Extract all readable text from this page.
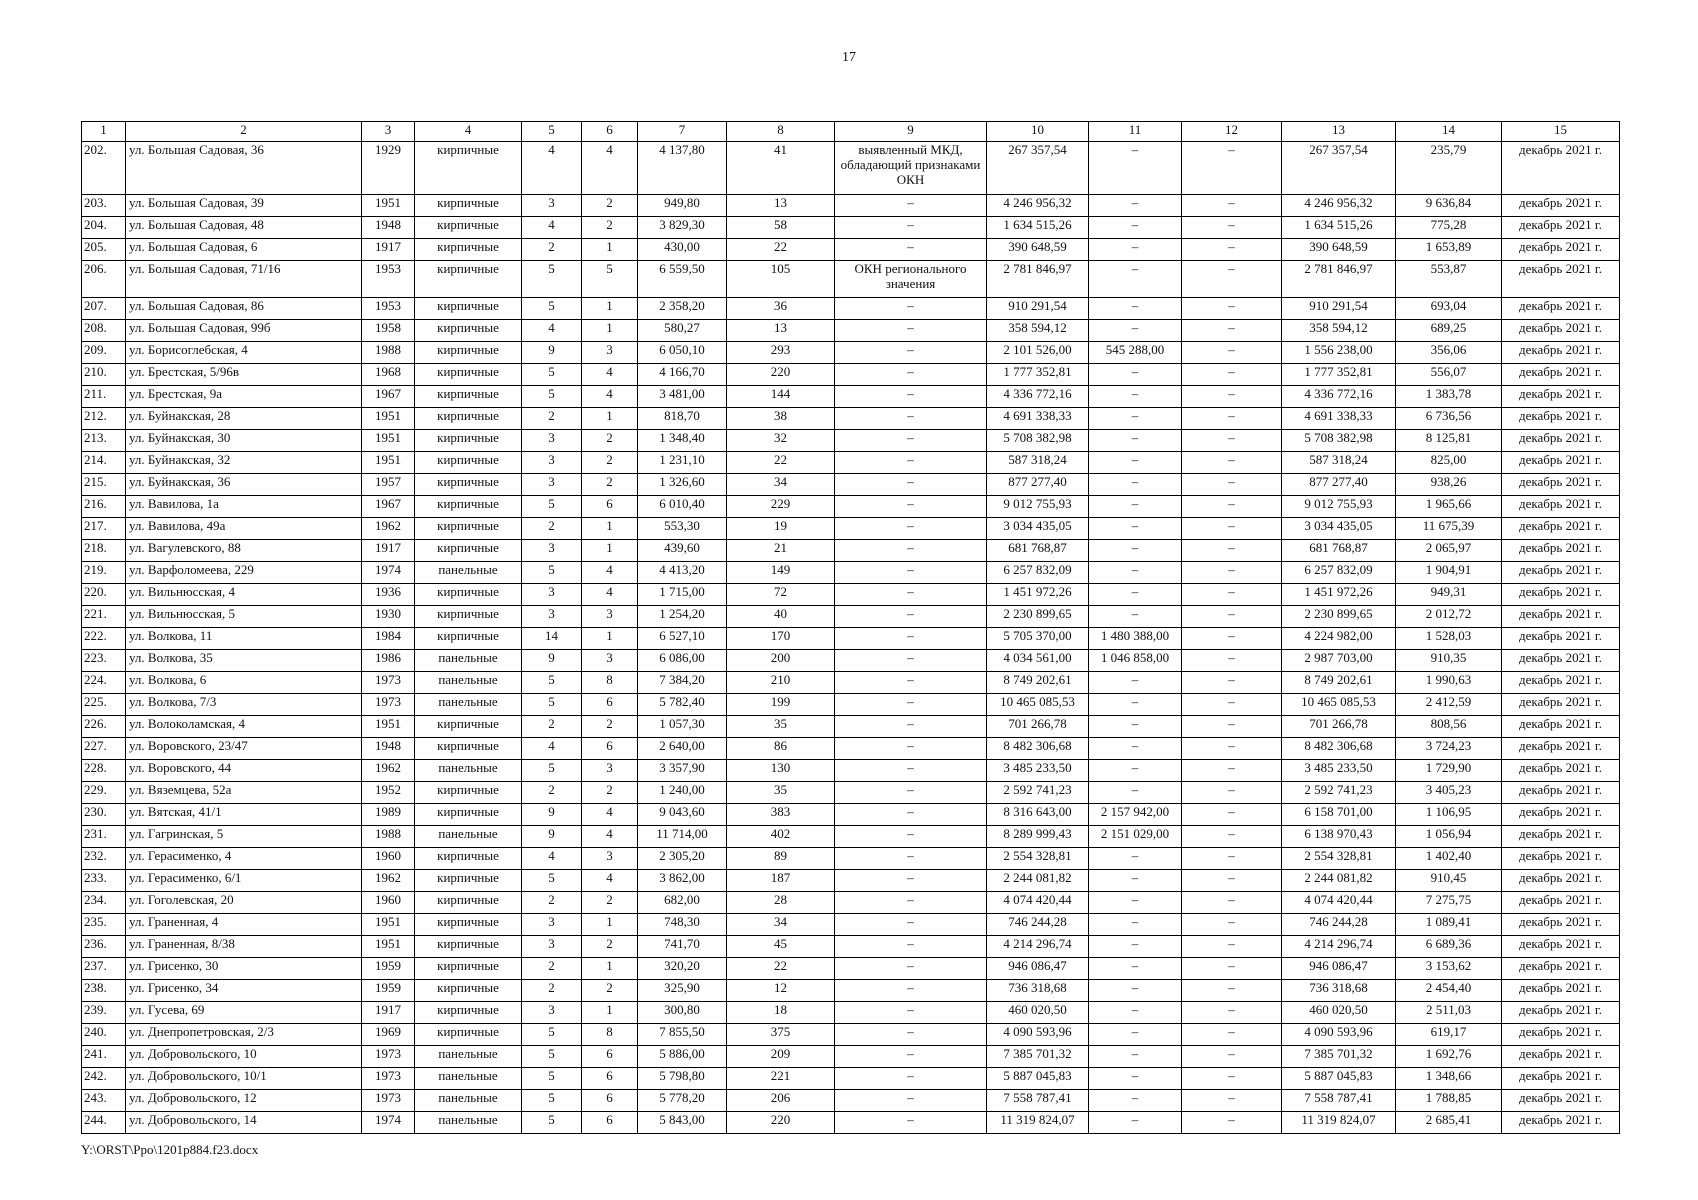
17
1	2	3	4	5	6	7	8	9	10	11	12	13	14	15
202.	ул. Большая Садовая, 36	1929	кирпичные	4	4	4 137,80	41	выявленный МКД, обладающий признаками ОКН	267 357,54	–	–	267 357,54	235,79	декабрь 2021 г.
203.	ул. Большая Садовая, 39	1951	кирпичные	3	2	949,80	13	–	4 246 956,32	–	–	4 246 956,32	9 636,84	декабрь 2021 г.
204.	ул. Большая Садовая, 48	1948	кирпичные	4	2	3 829,30	58	–	1 634 515,26	–	–	1 634 515,26	775,28	декабрь 2021 г.
205.	ул. Большая Садовая, 6	1917	кирпичные	2	1	430,00	22	–	390 648,59	–	–	390 648,59	1 653,89	декабрь 2021 г.
206.	ул. Большая Садовая, 71/16	1953	кирпичные	5	5	6 559,50	105	ОКН регионального значения	2 781 846,97	–	–	2 781 846,97	553,87	декабрь 2021 г.
207.	ул. Большая Садовая, 86	1953	кирпичные	5	1	2 358,20	36	–	910 291,54	–	–	910 291,54	693,04	декабрь 2021 г.
208.	ул. Большая Садовая, 99б	1958	кирпичные	4	1	580,27	13	–	358 594,12	–	–	358 594,12	689,25	декабрь 2021 г.
209.	ул. Борисоглебская, 4	1988	кирпичные	9	3	6 050,10	293	–	2 101 526,00	545 288,00	–	1 556 238,00	356,06	декабрь 2021 г.
210.	ул. Брестская, 5/96в	1968	кирпичные	5	4	4 166,70	220	–	1 777 352,81	–	–	1 777 352,81	556,07	декабрь 2021 г.
211.	ул. Брестская, 9а	1967	кирпичные	5	4	3 481,00	144	–	4 336 772,16	–	–	4 336 772,16	1 383,78	декабрь 2021 г.
212.	ул. Буйнакская, 28	1951	кирпичные	2	1	818,70	38	–	4 691 338,33	–	–	4 691 338,33	6 736,56	декабрь 2021 г.
213.	ул. Буйнакская, 30	1951	кирпичные	3	2	1 348,40	32	–	5 708 382,98	–	–	5 708 382,98	8 125,81	декабрь 2021 г.
214.	ул. Буйнакская, 32	1951	кирпичные	3	2	1 231,10	22	–	587 318,24	–	–	587 318,24	825,00	декабрь 2021 г.
215.	ул. Буйнакская, 36	1957	кирпичные	3	2	1 326,60	34	–	877 277,40	–	–	877 277,40	938,26	декабрь 2021 г.
216.	ул. Вавилова, 1а	1967	кирпичные	5	6	6 010,40	229	–	9 012 755,93	–	–	9 012 755,93	1 965,66	декабрь 2021 г.
217.	ул. Вавилова, 49а	1962	кирпичные	2	1	553,30	19	–	3 034 435,05	–	–	3 034 435,05	11 675,39	декабрь 2021 г.
218.	ул. Вагулевского, 88	1917	кирпичные	3	1	439,60	21	–	681 768,87	–	–	681 768,87	2 065,97	декабрь 2021 г.
219.	ул. Варфоломеева, 229	1974	панельные	5	4	4 413,20	149	–	6 257 832,09	–	–	6 257 832,09	1 904,91	декабрь 2021 г.
220.	ул. Вильнюсская, 4	1936	кирпичные	3	4	1 715,00	72	–	1 451 972,26	–	–	1 451 972,26	949,31	декабрь 2021 г.
221.	ул. Вильнюсская, 5	1930	кирпичные	3	3	1 254,20	40	–	2 230 899,65	–	–	2 230 899,65	2 012,72	декабрь 2021 г.
222.	ул. Волкова, 11	1984	кирпичные	14	1	6 527,10	170	–	5 705 370,00	1 480 388,00	–	4 224 982,00	1 528,03	декабрь 2021 г.
223.	ул. Волкова, 35	1986	панельные	9	3	6 086,00	200	–	4 034 561,00	1 046 858,00	–	2 987 703,00	910,35	декабрь 2021 г.
224.	ул. Волкова, 6	1973	панельные	5	8	7 384,20	210	–	8 749 202,61	–	–	8 749 202,61	1 990,63	декабрь 2021 г.
225.	ул. Волкова, 7/3	1973	панельные	5	6	5 782,40	199	–	10 465 085,53	–	–	10 465 085,53	2 412,59	декабрь 2021 г.
226.	ул. Волоколамская, 4	1951	кирпичные	2	2	1 057,30	35	–	701 266,78	–	–	701 266,78	808,56	декабрь 2021 г.
227.	ул. Воровского, 23/47	1948	кирпичные	4	6	2 640,00	86	–	8 482 306,68	–	–	8 482 306,68	3 724,23	декабрь 2021 г.
228.	ул. Воровского, 44	1962	панельные	5	3	3 357,90	130	–	3 485 233,50	–	–	3 485 233,50	1 729,90	декабрь 2021 г.
229.	ул. Вяземцева, 52а	1952	кирпичные	2	2	1 240,00	35	–	2 592 741,23	–	–	2 592 741,23	3 405,23	декабрь 2021 г.
230.	ул. Вятская, 41/1	1989	кирпичные	9	4	9 043,60	383	–	8 316 643,00	2 157 942,00	–	6 158 701,00	1 106,95	декабрь 2021 г.
231.	ул. Гагринская, 5	1988	панельные	9	4	11 714,00	402	–	8 289 999,43	2 151 029,00	–	6 138 970,43	1 056,94	декабрь 2021 г.
232.	ул. Герасименко, 4	1960	кирпичные	4	3	2 305,20	89	–	2 554 328,81	–	–	2 554 328,81	1 402,40	декабрь 2021 г.
233.	ул. Герасименко, 6/1	1962	кирпичные	5	4	3 862,00	187	–	2 244 081,82	–	–	2 244 081,82	910,45	декабрь 2021 г.
234.	ул. Гоголевская, 20	1960	кирпичные	2	2	682,00	28	–	4 074 420,44	–	–	4 074 420,44	7 275,75	декабрь 2021 г.
235.	ул. Граненная, 4	1951	кирпичные	3	1	748,30	34	–	746 244,28	–	–	746 244,28	1 089,41	декабрь 2021 г.
236.	ул. Граненная, 8/38	1951	кирпичные	3	2	741,70	45	–	4 214 296,74	–	–	4 214 296,74	6 689,36	декабрь 2021 г.
237.	ул. Грисенко, 30	1959	кирпичные	2	1	320,20	22	–	946 086,47	–	–	946 086,47	3 153,62	декабрь 2021 г.
238.	ул. Грисенко, 34	1959	кирпичные	2	2	325,90	12	–	736 318,68	–	–	736 318,68	2 454,40	декабрь 2021 г.
239.	ул. Гусева, 69	1917	кирпичные	3	1	300,80	18	–	460 020,50	–	–	460 020,50	2 511,03	декабрь 2021 г.
240.	ул. Днепропетровская, 2/3	1969	кирпичные	5	8	7 855,50	375	–	4 090 593,96	–	–	4 090 593,96	619,17	декабрь 2021 г.
241.	ул. Добровольского, 10	1973	панельные	5	6	5 886,00	209	–	7 385 701,32	–	–	7 385 701,32	1 692,76	декабрь 2021 г.
242.	ул. Добровольского, 10/1	1973	панельные	5	6	5 798,80	221	–	5 887 045,83	–	–	5 887 045,83	1 348,66	декабрь 2021 г.
243.	ул. Добровольского, 12	1973	панельные	5	6	5 778,20	206	–	7 558 787,41	–	–	7 558 787,41	1 788,85	декабрь 2021 г.
244.	ул. Добровольского, 14	1974	панельные	5	6	5 843,00	220	–	11 319 824,07	–	–	11 319 824,07	2 685,41	декабрь 2021 г.
Y:\ORST\Ppo\1201p884.f23.docx
